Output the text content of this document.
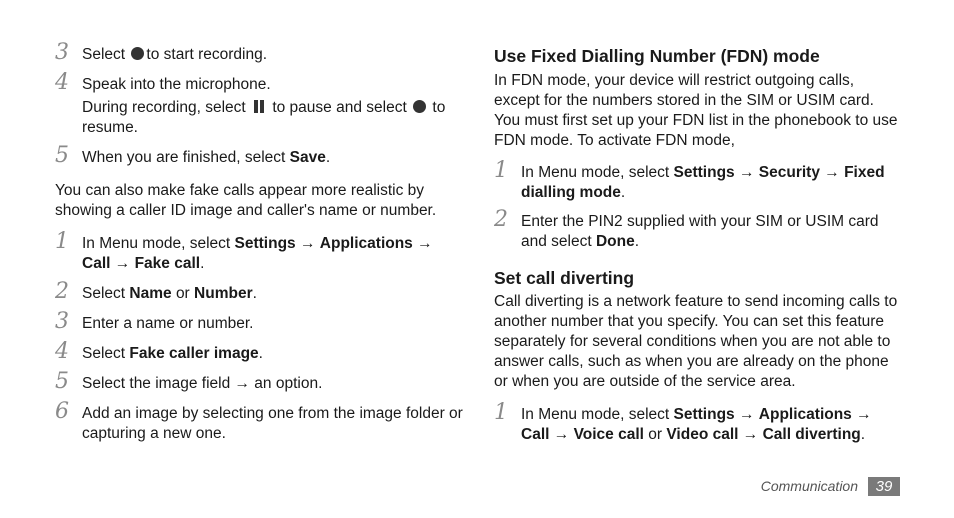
3 Select to start recording.
4 Speak into the microphone.
During recording, select to pause and select to
resume.
5 When you are finished, select Save.
You can also make fake calls appear more realistic by showing a caller ID image and caller's name or number.
1 In Menu mode, select Settings → Applications → Call → Fake call.
2 Select Name or Number.
3 Enter a name or number.
4 Select Fake caller image.
5 Select the image field → an option.
6 Add an image by selecting one from the image folder or capturing a new one.
Use Fixed Dialling Number (FDN) mode
In FDN mode, your device will restrict outgoing calls, except for the numbers stored in the SIM or USIM card. You must first set up your FDN list in the phonebook to use FDN mode. To activate FDN mode,
1 In Menu mode, select Settings → Security → Fixed dialling mode.
2 Enter the PIN2 supplied with your SIM or USIM card and select Done.
Set call diverting
Call diverting is a network feature to send incoming calls to another number that you specify. You can set this feature separately for several conditions when you are not able to answer calls, such as when you are already on the phone or when you are outside of the service area.
1 In Menu mode, select Settings → Applications → Call → Voice call or Video call → Call diverting.
Communication	39
